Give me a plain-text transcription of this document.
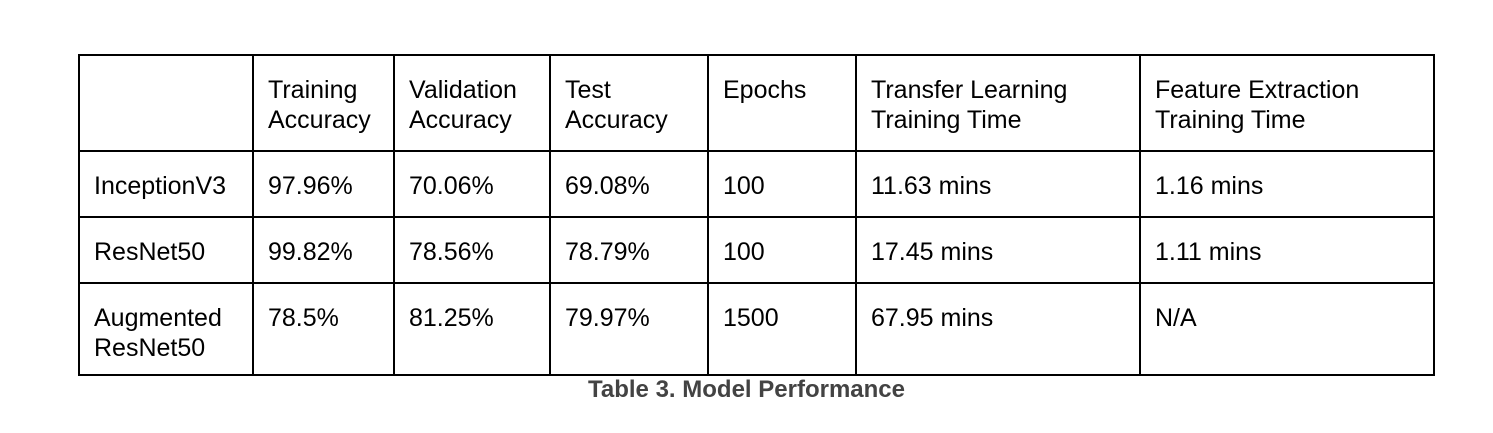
	Training Accuracy	Validation Accuracy	Test Accuracy	Epochs	Transfer Learning Training Time	Feature Extraction Training Time
InceptionV3	97.96%	70.06%	69.08%	100	11.63 mins	1.16 mins
ResNet50	99.82%	78.56%	78.79%	100	17.45 mins	1.11 mins
Augmented ResNet50	78.5%	81.25%	79.97%	1500	67.95 mins	N/A
Table 3. Model Performance
